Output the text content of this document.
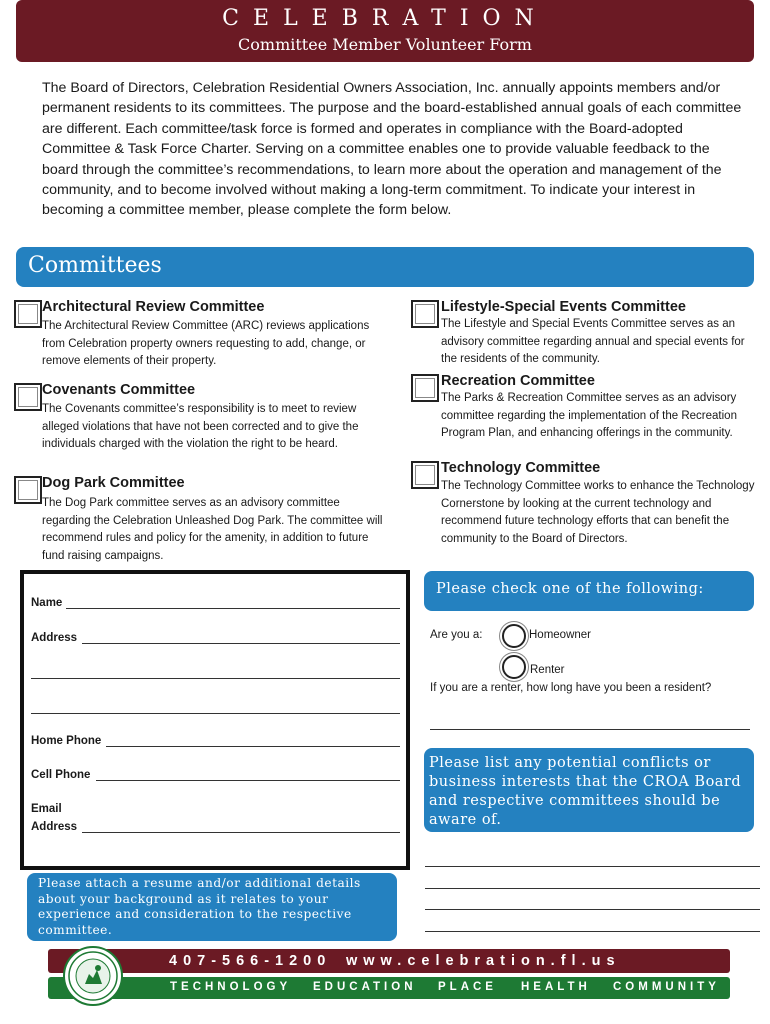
CELEBRATION
Committee Member Volunteer Form
The Board of Directors, Celebration Residential Owners Association, Inc. annually appoints members and/or permanent residents to its committees. The purpose and the board-established annual goals of each committee are different. Each committee/task force is formed and operates in compliance with the Board-adopted Committee & Task Force Charter. Serving on a committee enables one to provide valuable feedback to the board through the committee’s recommendations, to learn more about the operation and management of the community, and to become involved without making a long-term commitment. To indicate your interest in becoming a committee member, please complete the form below.
Committees
Architectural Review Committee
The Architectural Review Committee (ARC) reviews applications from Celebration property owners requesting to add, change, or remove elements of their property.
Covenants Committee
The Covenants committee’s responsibility is to meet to review alleged violations that have not been corrected and to give the individuals charged with the violation the right to be heard.
Dog Park Committee
The Dog Park committee serves as an advisory committee regarding the Celebration Unleashed Dog Park. The committee will recommend rules and policy for the amenity, in addition to future fund raising campaigns.
Lifestyle-Special Events Committee
The Lifestyle and Special Events Committee serves as an advisory committee regarding annual and special events for the residents of the community.
Recreation Committee
The Parks & Recreation Committee serves as an advisory committee regarding the implementation of the Recreation Program Plan, and enhancing offerings in the community.
Technology Committee
The Technology Committee works to enhance the Technology Cornerstone by looking at the current technology and recommend future technology efforts that can benefit the community to the Board of Directors.
Name
Address
Home Phone
Cell Phone
Email
Address
Please check one of the following:
Are you a:	Homeowner
Renter
If you are a renter, how long have you been a resident?
Please list any potential conflicts or business interests that the CROA Board and respective committees should be aware of.
Please attach a resume and/or additional details about your background as it relates to your experience and consideration to the respective committee.
407-566-1200 www.celebration.fl.us
TECHNOLOGY EDUCATION PLACE HEALTH COMMUNITY
